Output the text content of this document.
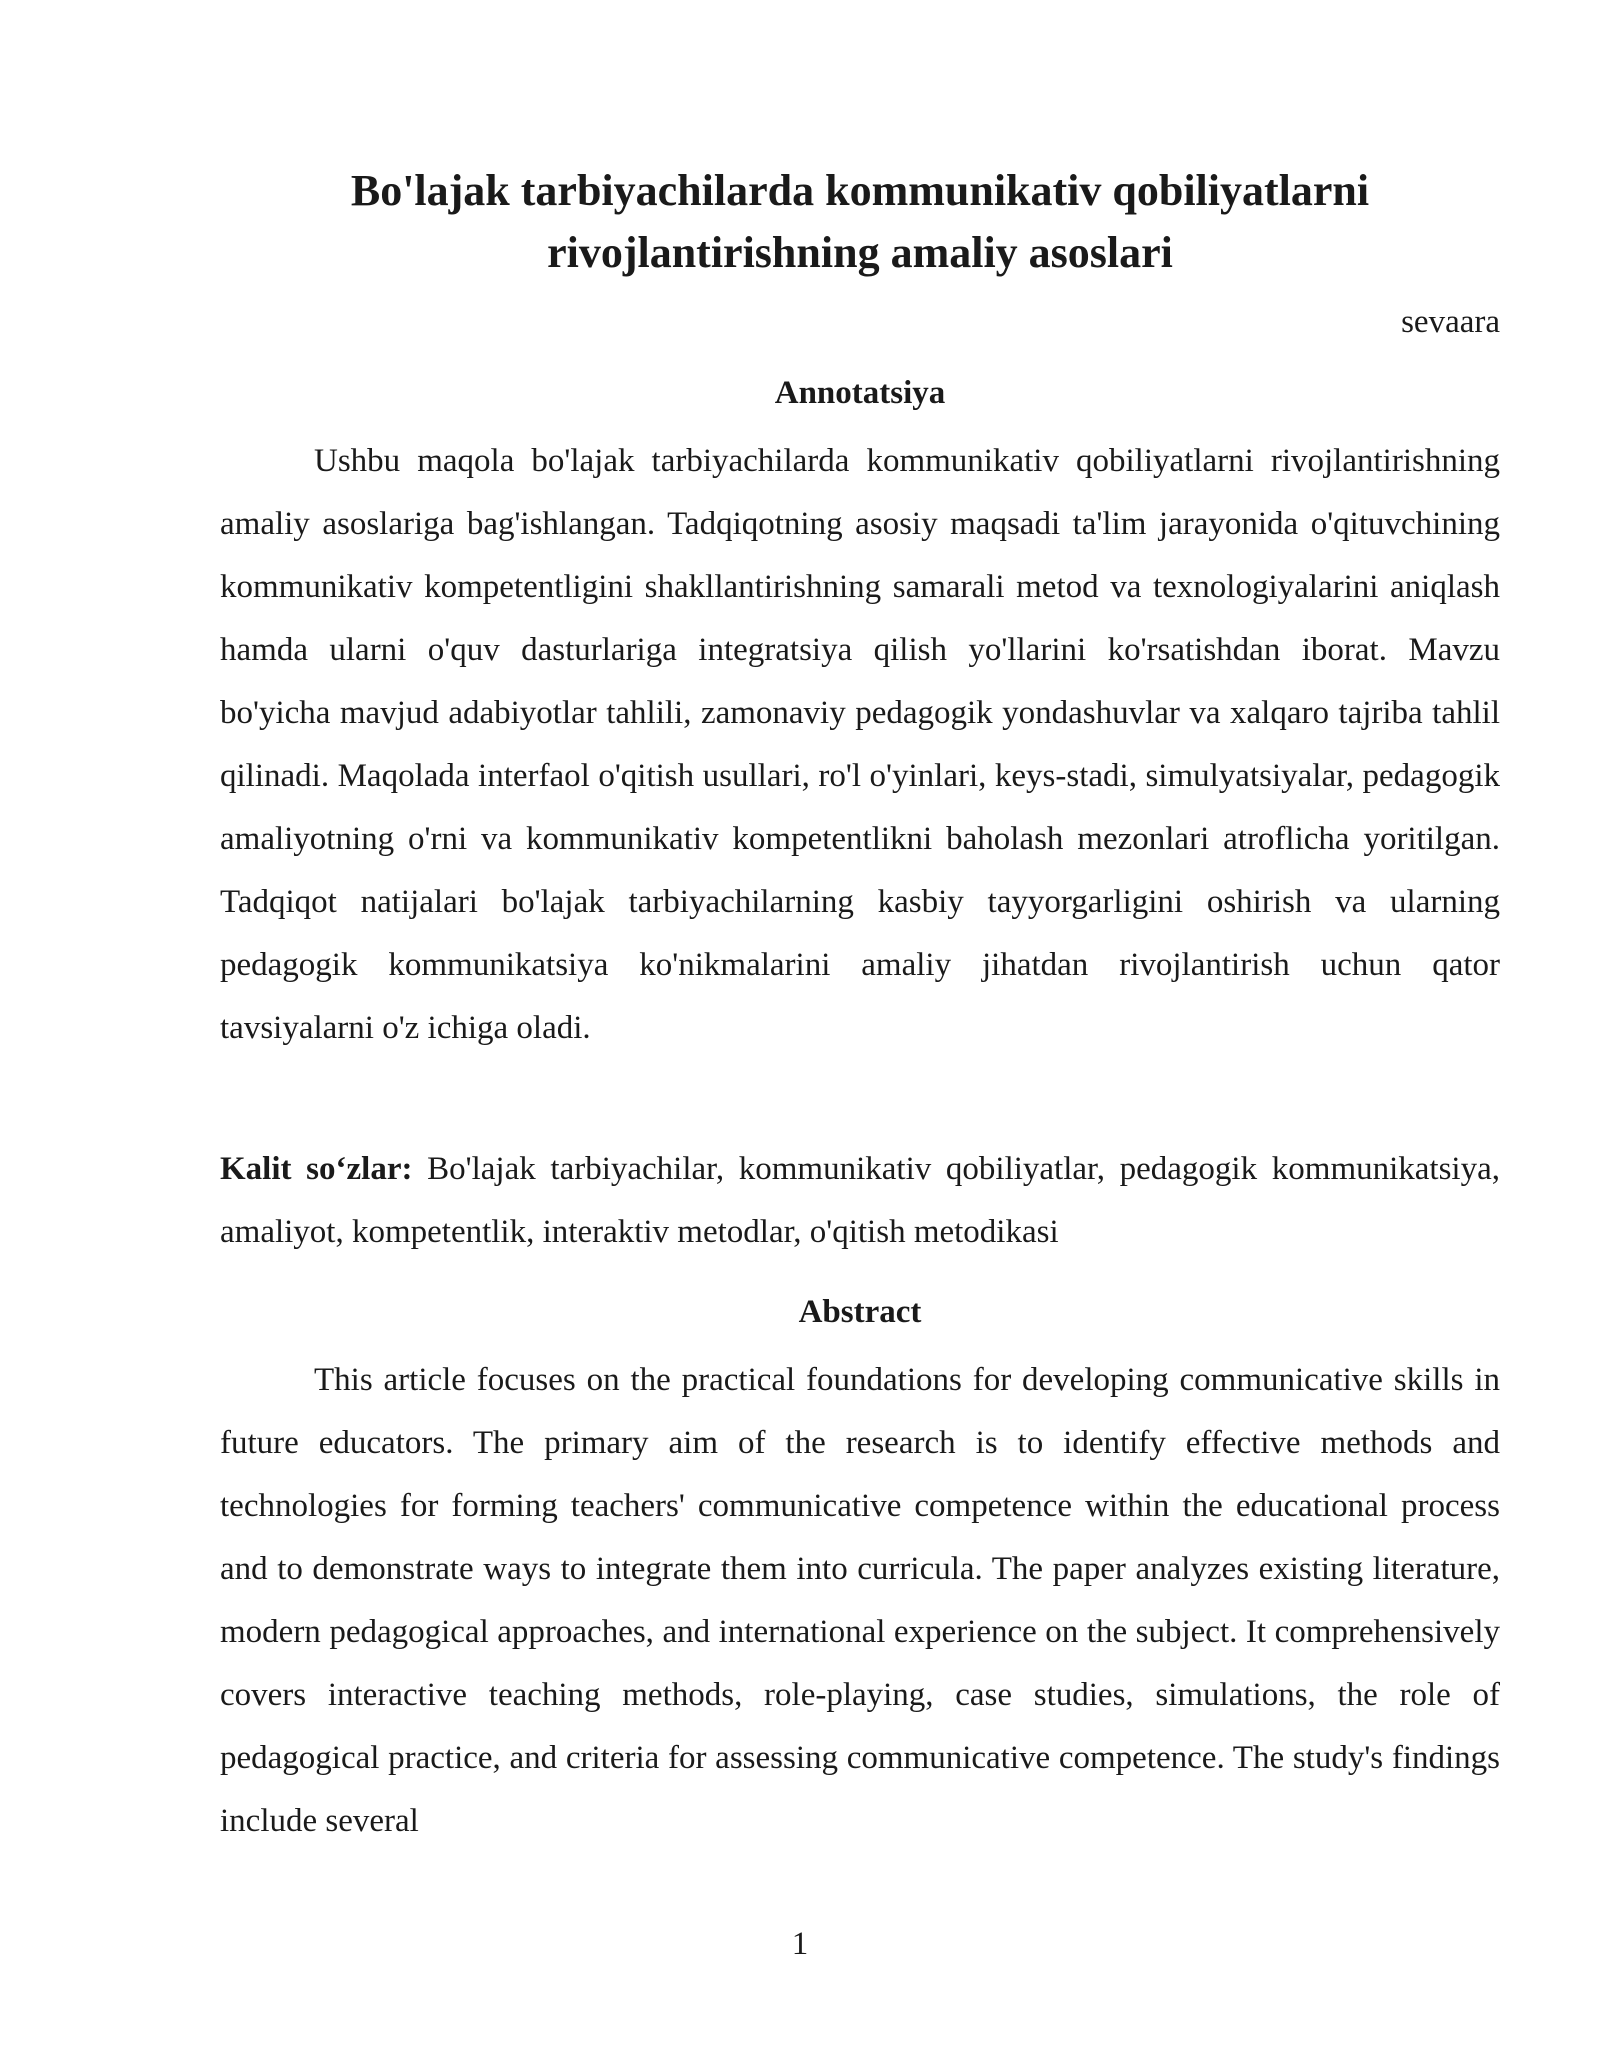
Bo'lajak tarbiyachilarda kommunikativ qobiliyatlarni
rivojlantirishning amaliy asoslari
sevaara
Annotatsiya

Ushbu maqola bo'lajak tarbiyachilarda kommunikativ qobiliyatlarni rivojlantirishning amaliy asoslariga bag'ishlangan. Tadqiqotning asosiy maqsadi ta'lim jarayonida o'qituvchining kommunikativ kompetentligini shakllantirishning samarali metod va texnologiyalarini aniqlash hamda ularni o'quv dasturlariga integratsiya qilish yo'llarini ko'rsatishdan iborat. Mavzu bo'yicha mavjud adabiyotlar tahlili, zamonaviy pedagogik yondashuvlar va xalqaro tajriba tahlil qilinadi. Maqolada interfaol o'qitish usullari, ro'l o'yinlari, keys-stadi, simulyatsiyalar, pedagogik amaliyotning o'rni va kommunikativ kompetentlikni baholash mezonlari atroflicha yoritilgan. Tadqiqot natijalari bo'lajak tarbiyachilarning kasbiy tayyorgarligini oshirish va ularning pedagogik kommunikatsiya ko'nikmalarini amaliy jihatdan rivojlantirish uchun qator tavsiyalarni o'z ichiga oladi.

Kalit so‘zlar: Bo'lajak tarbiyachilar, kommunikativ qobiliyatlar, pedagogik kommunikatsiya, amaliyot, kompetentlik, interaktiv metodlar, o'qitish metodikasi

Abstract

This article focuses on the practical foundations for developing communicative skills in future educators. The primary aim of the research is to identify effective methods and technologies for forming teachers' communicative competence within the educational process and to demonstrate ways to integrate them into curricula. The paper analyzes existing literature, modern pedagogical approaches, and international experience on the subject. It comprehensively covers interactive teaching methods, role-playing, case studies, simulations, the role of pedagogical practice, and criteria for assessing communicative competence. The study's findings include several

1
